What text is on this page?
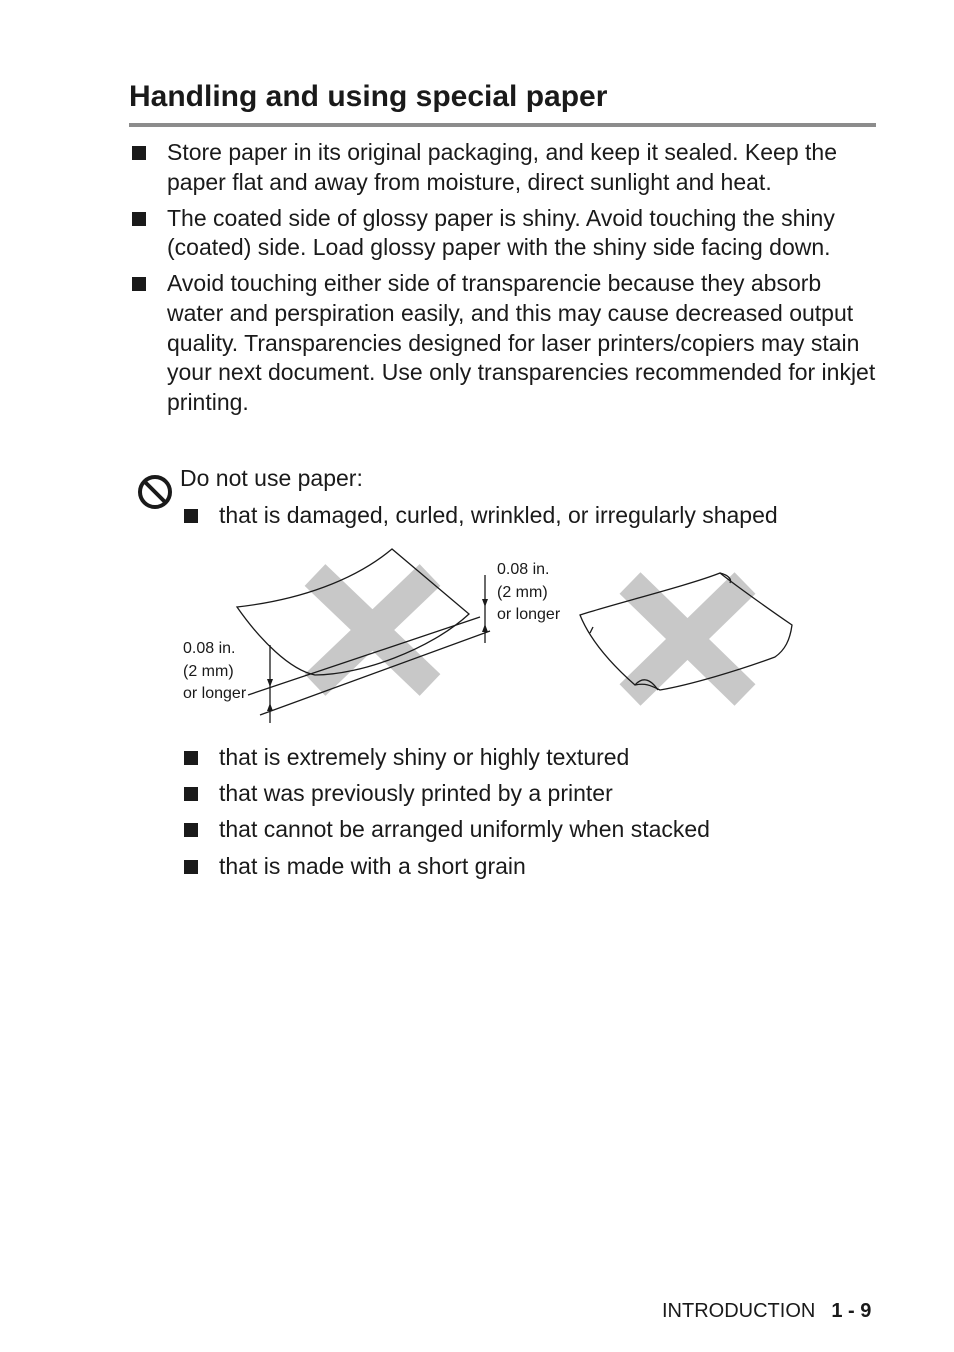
Handling and using special paper
Store paper in its original packaging, and keep it sealed. Keep the paper flat and away from moisture, direct sunlight and heat.
The coated side of glossy paper is shiny. Avoid touching the shiny (coated) side. Load glossy paper with the shiny side facing down.
Avoid touching either side of transparencie because they absorb water and perspiration easily, and this may cause decreased output quality. Transparencies designed for laser printers/copiers may stain your next document. Use only transparencies recommended for inkjet printing.
Do not use paper:
that is damaged, curled, wrinkled, or irregularly shaped
0.08 in.
(2 mm)
or longer
0.08 in.
(2 mm)
or longer
that is extremely shiny or highly textured
that was previously printed by a printer
that cannot be arranged uniformly when stacked
that is made with a short grain
INTRODUCTION 1 - 9
